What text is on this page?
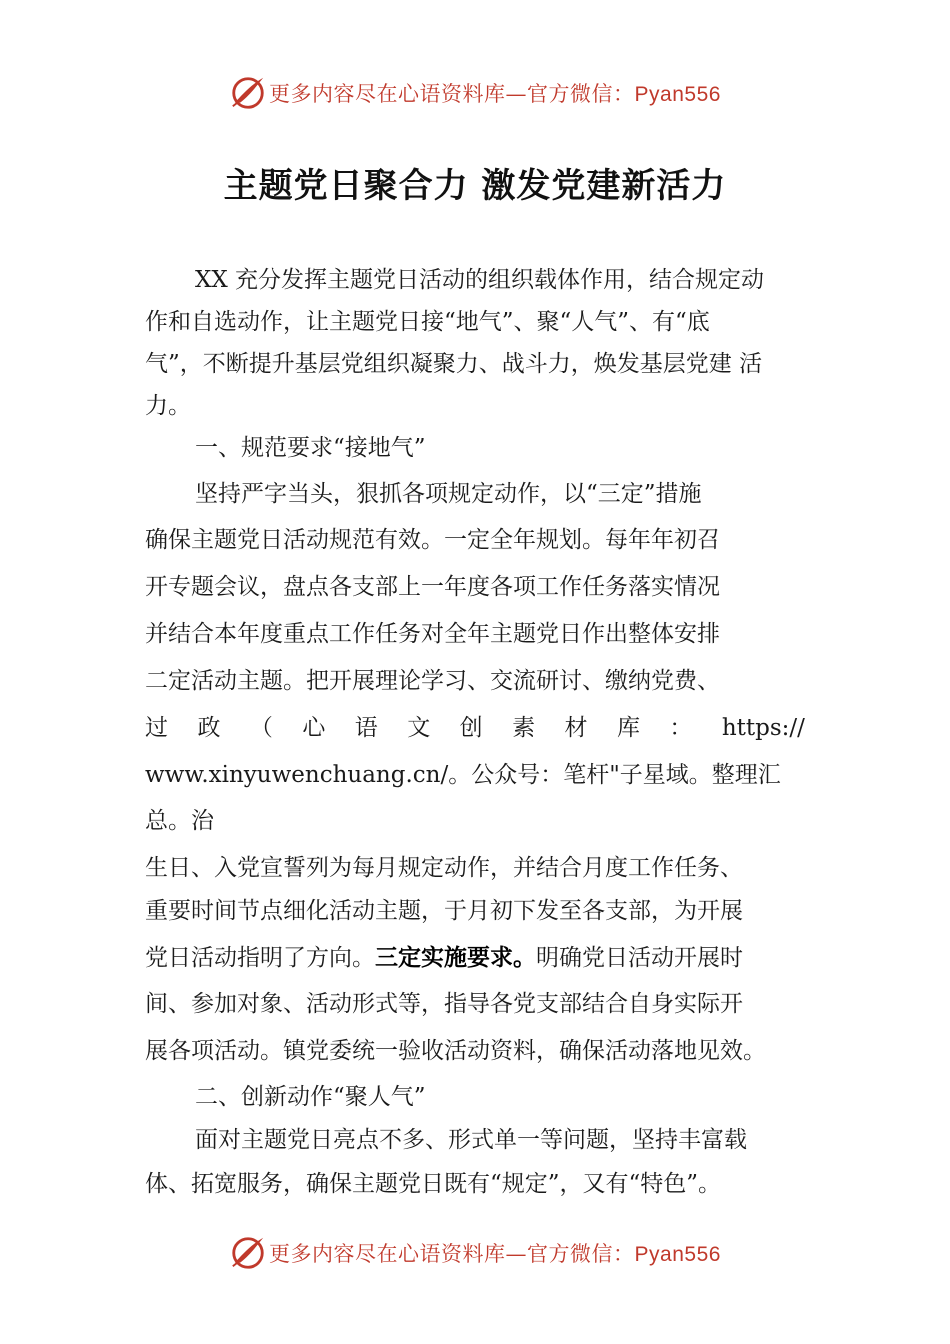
更多内容尽在心语资料库—官方微信：Pyan556
主题党日聚合力 激发党建新活力
XX 充分发挥主题党日活动的组织载体作用，结合规定动
作和自选动作，让主题党日接“地气”、聚“人气”、有“底
气”，不断提升基层党组织凝聚力、战斗力，焕发基层党建 活
力。
一、规范要求“接地气”
坚持严字当头，狠抓各项规定动作，以“三定”措施
确保主题党日活动规范有效。一定全年规划。每年年初召
开专题会议，盘点各支部上一年度各项工作任务落实情况
并结合本年度重点工作任务对全年主题党日作出整体安排
二定活动主题。把开展理论学习、交流研讨、缴纳党费、
过 政 （ 心 语 文 创 素 材 库 ： https://
www.xinyuwenchuang.cn/。公众号：笔杆"子星域。整理汇
总。治
生日、入党宣誓列为每月规定动作，并结合月度工作任务、
重要时间节点细化活动主题，于月初下发至各支部，为开展
党日活动指明了方向。三定实施要求。明确党日活动开展时
间、参加对象、活动形式等，指导各党支部结合自身实际开
展各项活动。镇党委统一验收活动资料，确保活动落地见效。
二、创新动作“聚人气”
面对主题党日亮点不多、形式单一等问题，坚持丰富载
体、拓宽服务，确保主题党日既有“规定”，又有“特色”。
更多内容尽在心语资料库—官方微信：Pyan556
